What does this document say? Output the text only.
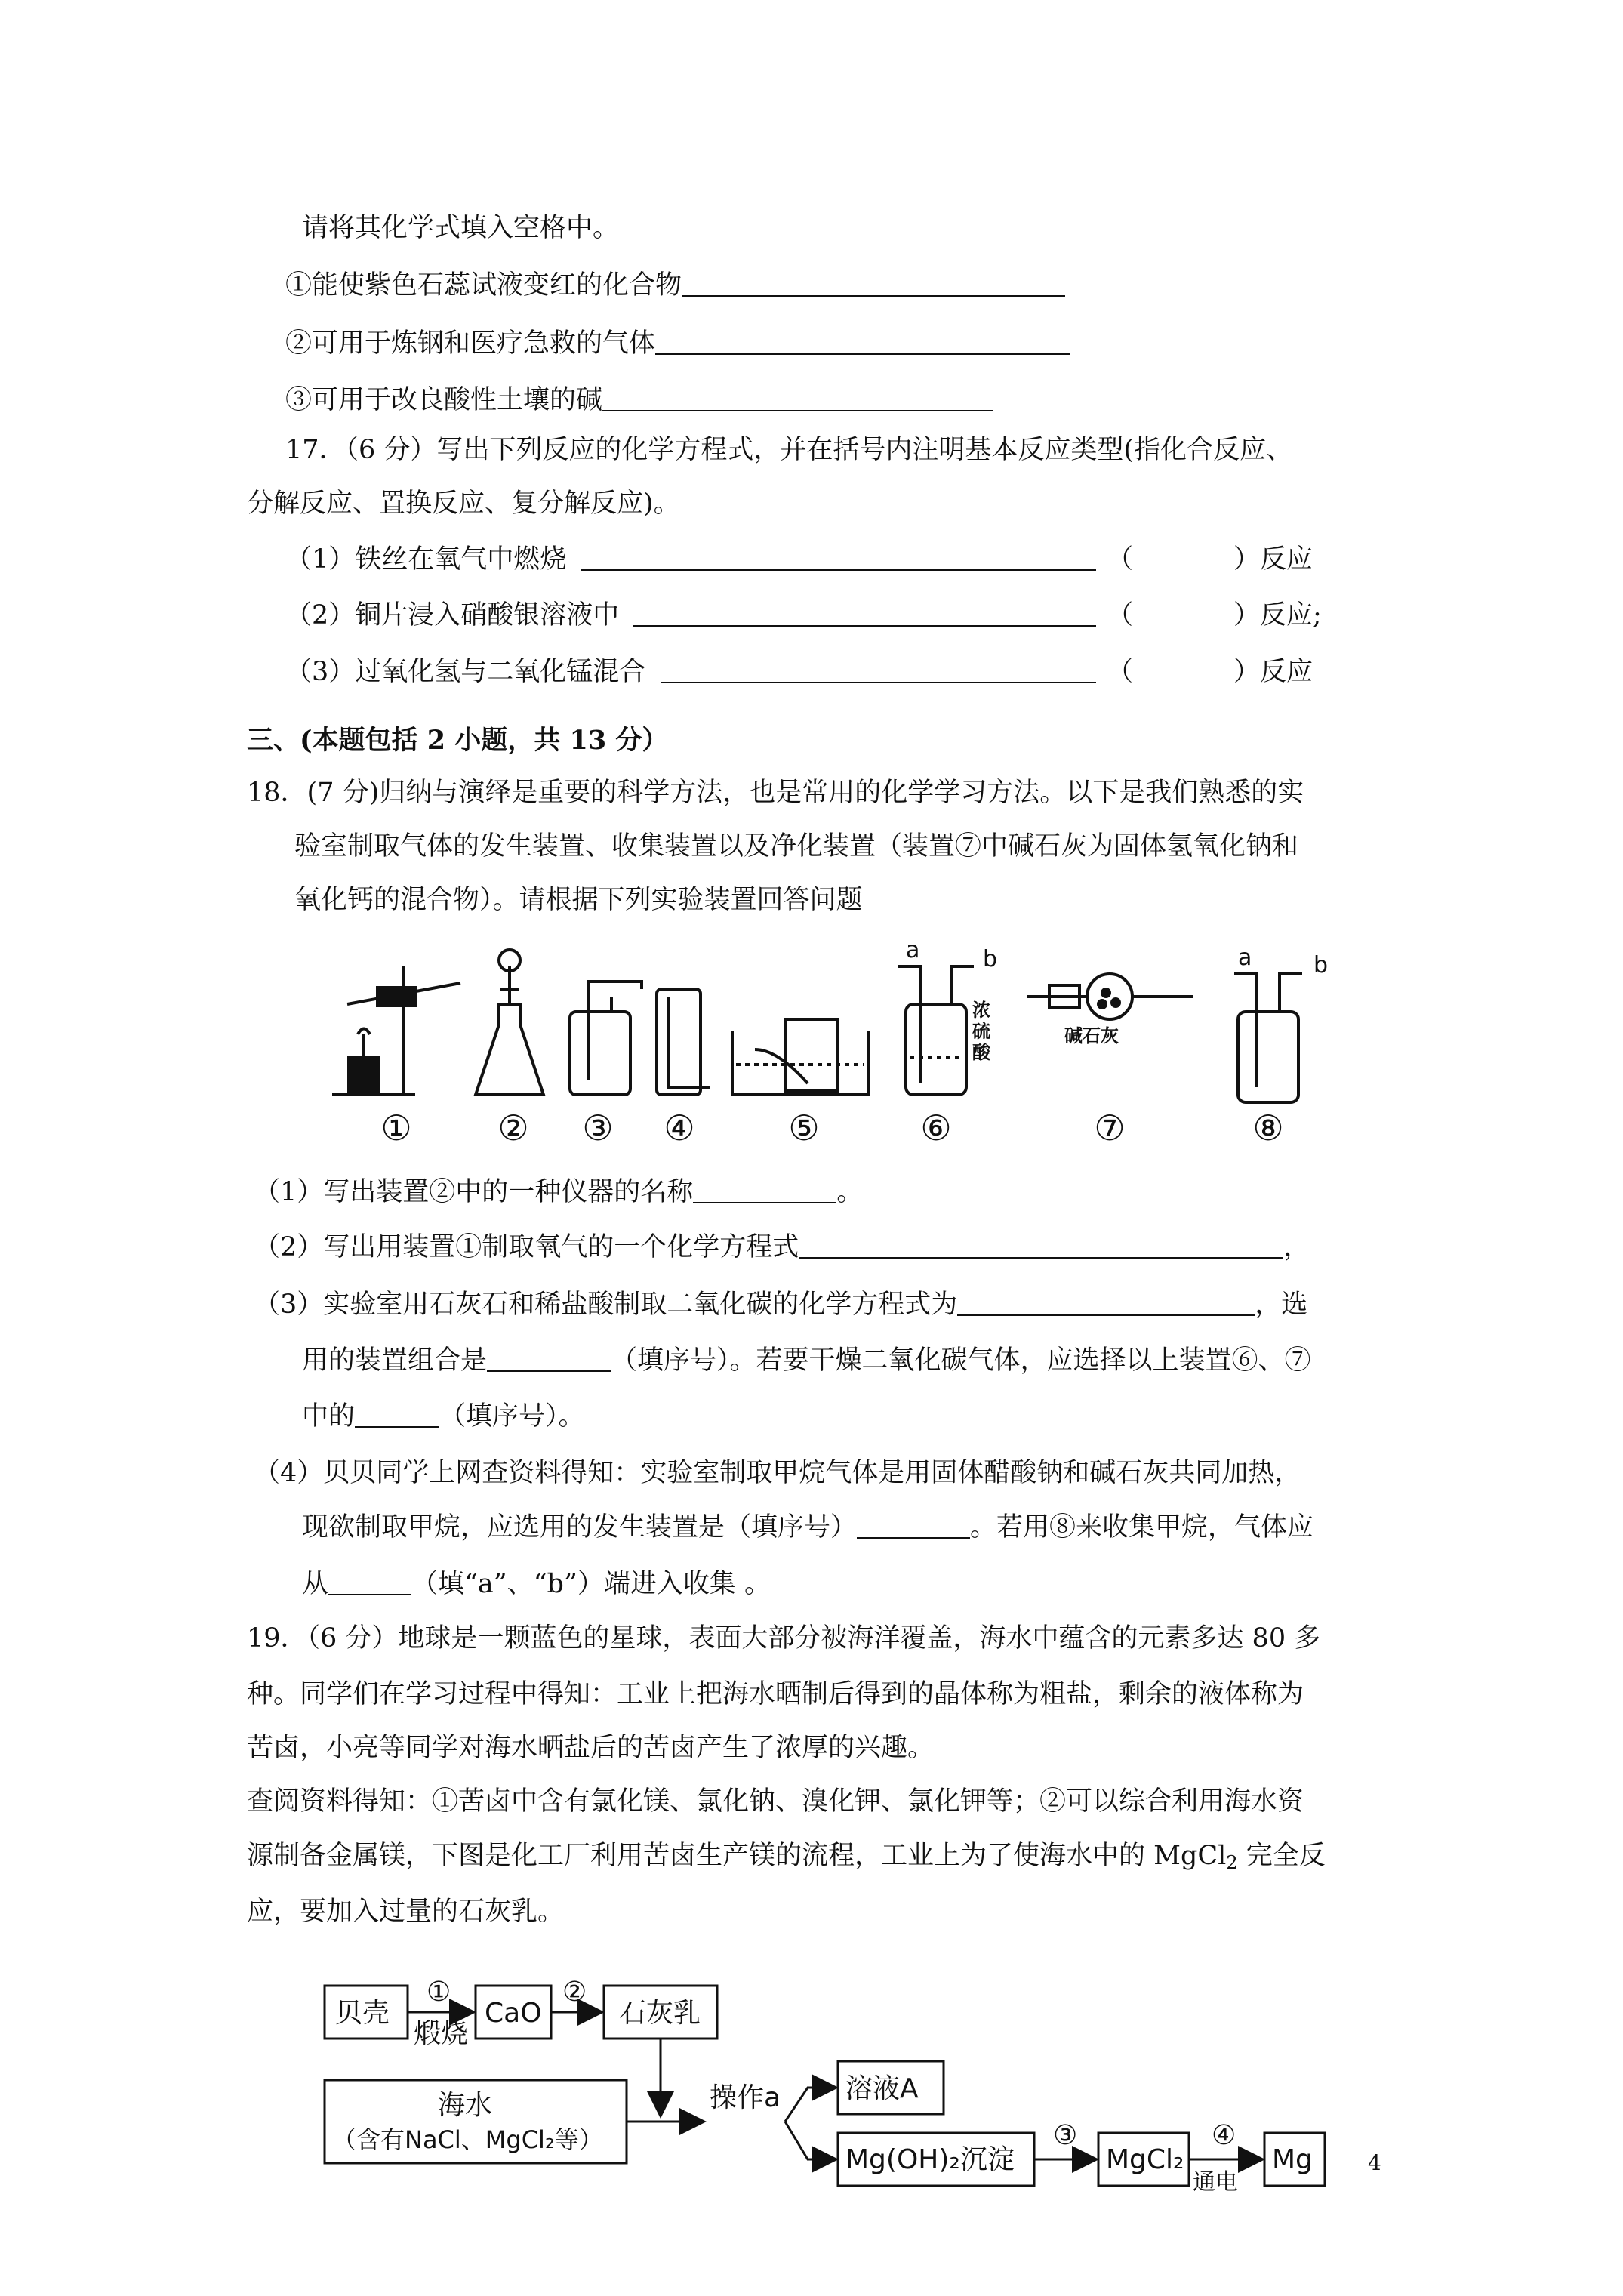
请将其化学式填入空格中。
①能使紫色石蕊试液变红的化合物
②可用于炼钢和医疗急救的气体
③可用于改良酸性土壤的碱
17．（6 分）写出下列反应的化学方程式，并在括号内注明基本反应类型(指化合反应、
分解反应、置换反应、复分解反应)。
（1）铁丝在氧气中燃烧	（	）反应
（2）铜片浸入硝酸银溶液中	（	）反应;
（3）过氧化氢与二氧化锰混合	（	）反应
三、(本题包括 2 小题，共 13 分）
18．(7 分)归纳与演绎是重要的科学方法，也是常用的化学学习方法。以下是我们熟悉的实
验室制取气体的发生装置、收集装置以及净化装置（装置⑦中碱石灰为固体氢氧化钠和
氧化钙的混合物）。请根据下列实验装置回答问题
a	b	a	b
浓
硫
酸
碱石灰
① ② ③ ④	⑤	⑥	⑦	⑧
（1）写出装置②中的一种仪器的名称	。
（2）写出用装置①制取氧气的一个化学方程式	，
（3）实验室用石灰石和稀盐酸制取二氧化碳的化学方程式为	，选
用的装置组合是	（填序号）。若要干燥二氧化碳气体，应选择以上装置⑥、⑦
中的	（填序号）。
（4）贝贝同学上网查资料得知：实验室制取甲烷气体是用固体醋酸钠和碱石灰共同加热，
现欲制取甲烷，应选用的发生装置是（填序号）	。若用⑧来收集甲烷，气体应
从	（填“a”、“b”）端进入收集 。
19．（6 分）地球是一颗蓝色的星球，表面大部分被海洋覆盖，海水中蕴含的元素多达 80 多
种。同学们在学习过程中得知：工业上把海水晒制后得到的晶体称为粗盐，剩余的液体称为
苦卤，小亮等同学对海水晒盐后的苦卤产生了浓厚的兴趣。
查阅资料得知：①苦卤中含有氯化镁、氯化钠、溴化钾、氯化钾等；②可以综合利用海水资
源制备金属镁，下图是化工厂利用苦卤生产镁的流程，工业上为了使海水中的 MgCl$_2$ 完全反
应，要加入过量的石灰乳。
贝壳
①
煅烧
CaO
②
石灰乳
海水
（含有NaCl、MgCl₂等）
操作a 溶液A
Mg(OH)₂沉淀
③
MgCl₂
④
通电
Mg	4
